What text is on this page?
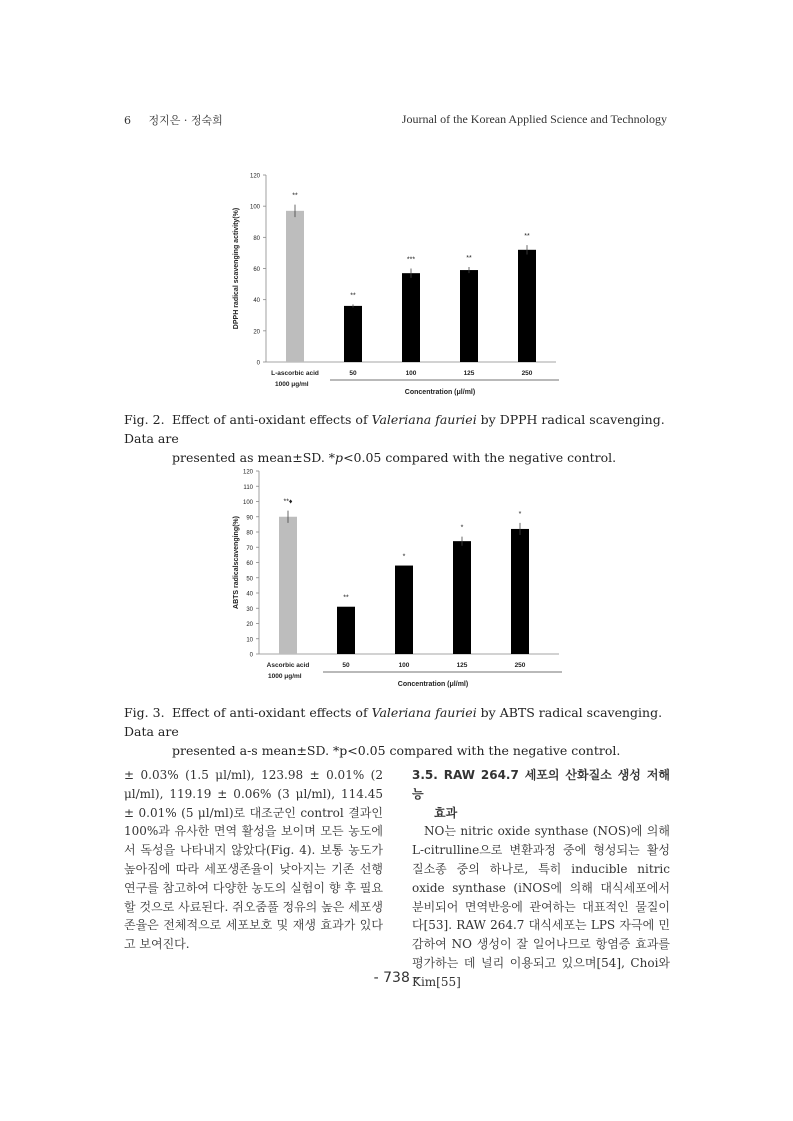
6 정지은 · 정숙희	Journal of the Korean Applied Science and Technology
0
20
40
60
80
100
120
DPPH radical scavenging activity(%)
**
L-ascorbic acid
1000 μg/ml
**
50
***
100
**
125
**
250
Concentration (μl/ml)
Fig. 2. Effect of anti-oxidant effects of Valeriana fauriei by DPPH radical scavenging. Data are
presented as mean±SD. *p<0.05 compared with the negative control.
0
10
20
30
40
50
60
70
80
90
100
110
120
ABTS radicalscavenging(%)
**♦
Ascorbic acid
1000 μg/ml
**
50
*
100
*
125
*
250
Concentration (μl/ml)
Fig. 3. Effect of anti-oxidant effects of Valeriana fauriei by ABTS radical scavenging. Data are
presented a-s mean±SD. *p<0.05 compared with the negative control.
± 0.03% (1.5 μl/ml), 123.98 ± 0.01% (2 μl/ml), 119.19 ± 0.06% (3 μl/ml), 114.45 ± 0.01% (5 μl/ml)로 대조군인 control 결과인 100%과 유사한 면역 활성을 보이며 모든 농도에서 독성을 나타내지 않았다(Fig. 4). 보통 농도가 높아짐에 따라 세포생존율이 낮아지는 기존 선행 연구를 참고하여 다양한 농도의 실험이 향 후 필요할 것으로 사료된다. 쥐오줌풀 정유의 높은 세포생존율은 전체적으로 세포보호 및 재생 효과가 있다고 보여진다.
3.5. RAW 264.7 세포의 산화질소 생성 저해능
효과
NO는 nitric oxide synthase (NOS)에 의해 L-citrulline으로 변환과정 중에 형성되는 활성 질소종 중의 하나로, 특히 inducible nitric oxide synthase (iNOS에 의해 대식세포에서 분비되어 면역반응에 관여하는 대표적인 물질이다[53]. RAW 264.7 대식세포는 LPS 자극에 민감하여 NO 생성이 잘 일어나므로 항염증 효과를 평가하는 데 널리 이용되고 있으며[54], Choi와 Kim[55]
- 738 -
